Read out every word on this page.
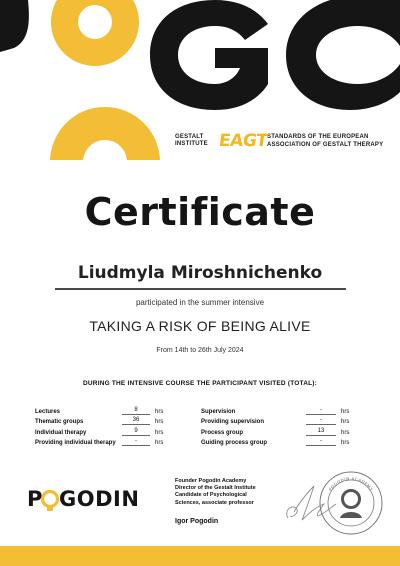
GESTALT
INSTITUTE EAGT
STANDARDS OF THE EUROPEAN
ASSOCIATION OF GESTALT THERAPY
Certificate
Liudmyla Miroshnichenko
participated in the summer intensive
TAKING A RISK OF BEING ALIVE
From 14th to 26th July 2024
DURING THE INTENSIVE COURSE THE PARTICIPANT VISITED (TOTAL):
Lectures	8	hrs
Thematic groups	36	hrs
Individual therapy	9	hrs
Providing individual therapy	-	hrs
Supervision	-	hrs
Providing supervision	-	hrs
Process group	13	hrs
Guiding process group	-	hrs
P GODIN
Founder Pogodin Academy
Director of the Gestalt Institute
Candidate of Psychological
Sciences, associate professor
Igor Pogodin
POGODIN ACADEMY
